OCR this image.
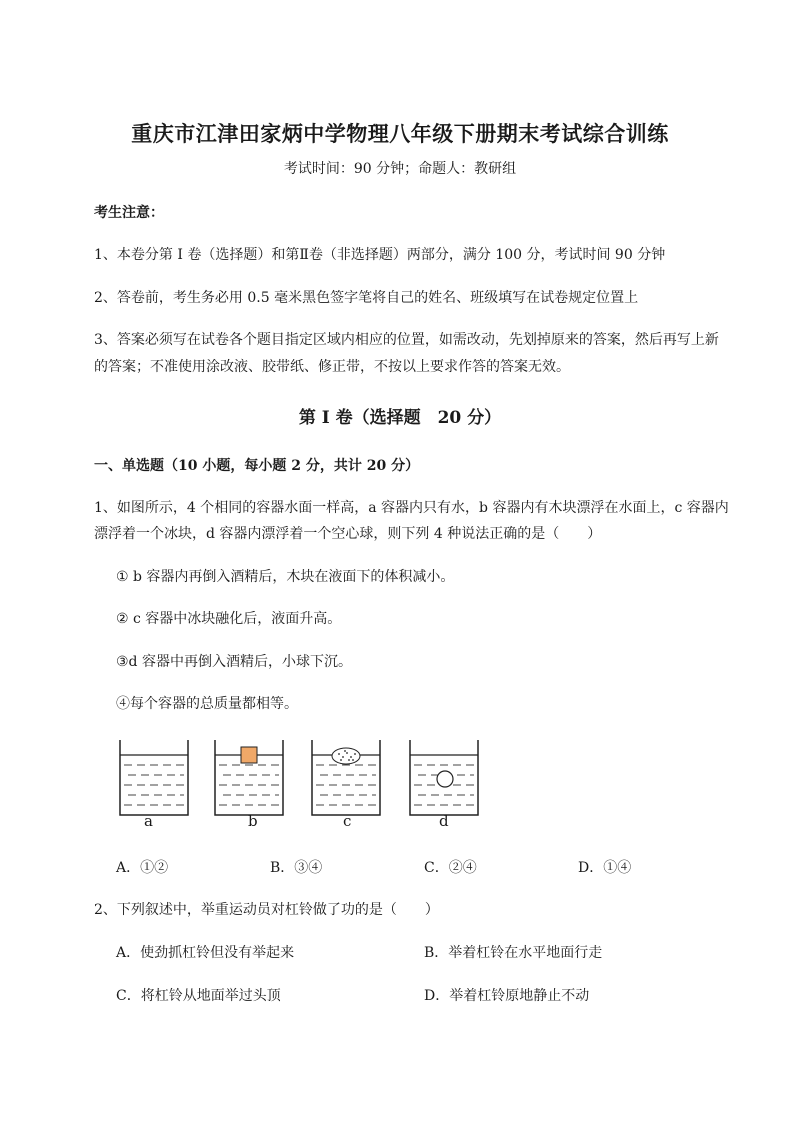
重庆市江津田家炳中学物理八年级下册期末考试综合训练
考试时间：90 分钟；命题人：教研组
考生注意：
1、本卷分第 I 卷（选择题）和第Ⅱ卷（非选择题）两部分，满分 100 分，考试时间 90 分钟
2、答卷前，考生务必用 0.5 毫米黑色签字笔将自己的姓名、班级填写在试卷规定位置上
3、答案必须写在试卷各个题目指定区域内相应的位置，如需改动，先划掉原来的答案，然后再写上新
的答案；不准使用涂改液、胶带纸、修正带，不按以上要求作答的答案无效。
第 I 卷（选择题　20 分）
一、单选题（10 小题，每小题 2 分，共计 20 分）
1、如图所示，4 个相同的容器水面一样高，a 容器内只有水，b 容器内有木块漂浮在水面上，c 容器内
漂浮着一个冰块，d 容器内漂浮着一个空心球，则下列 4 种说法正确的是（　　）
① b 容器内再倒入酒精后，木块在液面下的体积减小。
② c 容器中冰块融化后，液面升高。
③d 容器中再倒入酒精后，小球下沉。
④每个容器的总质量都相等。
a	b	c	d
A．①②	B．③④	C．②④	D．①④
2、下列叙述中，举重运动员对杠铃做了功的是（　　）
A．使劲抓杠铃但没有举起来	B．举着杠铃在水平地面行走
C．将杠铃从地面举过头顶	D．举着杠铃原地静止不动
